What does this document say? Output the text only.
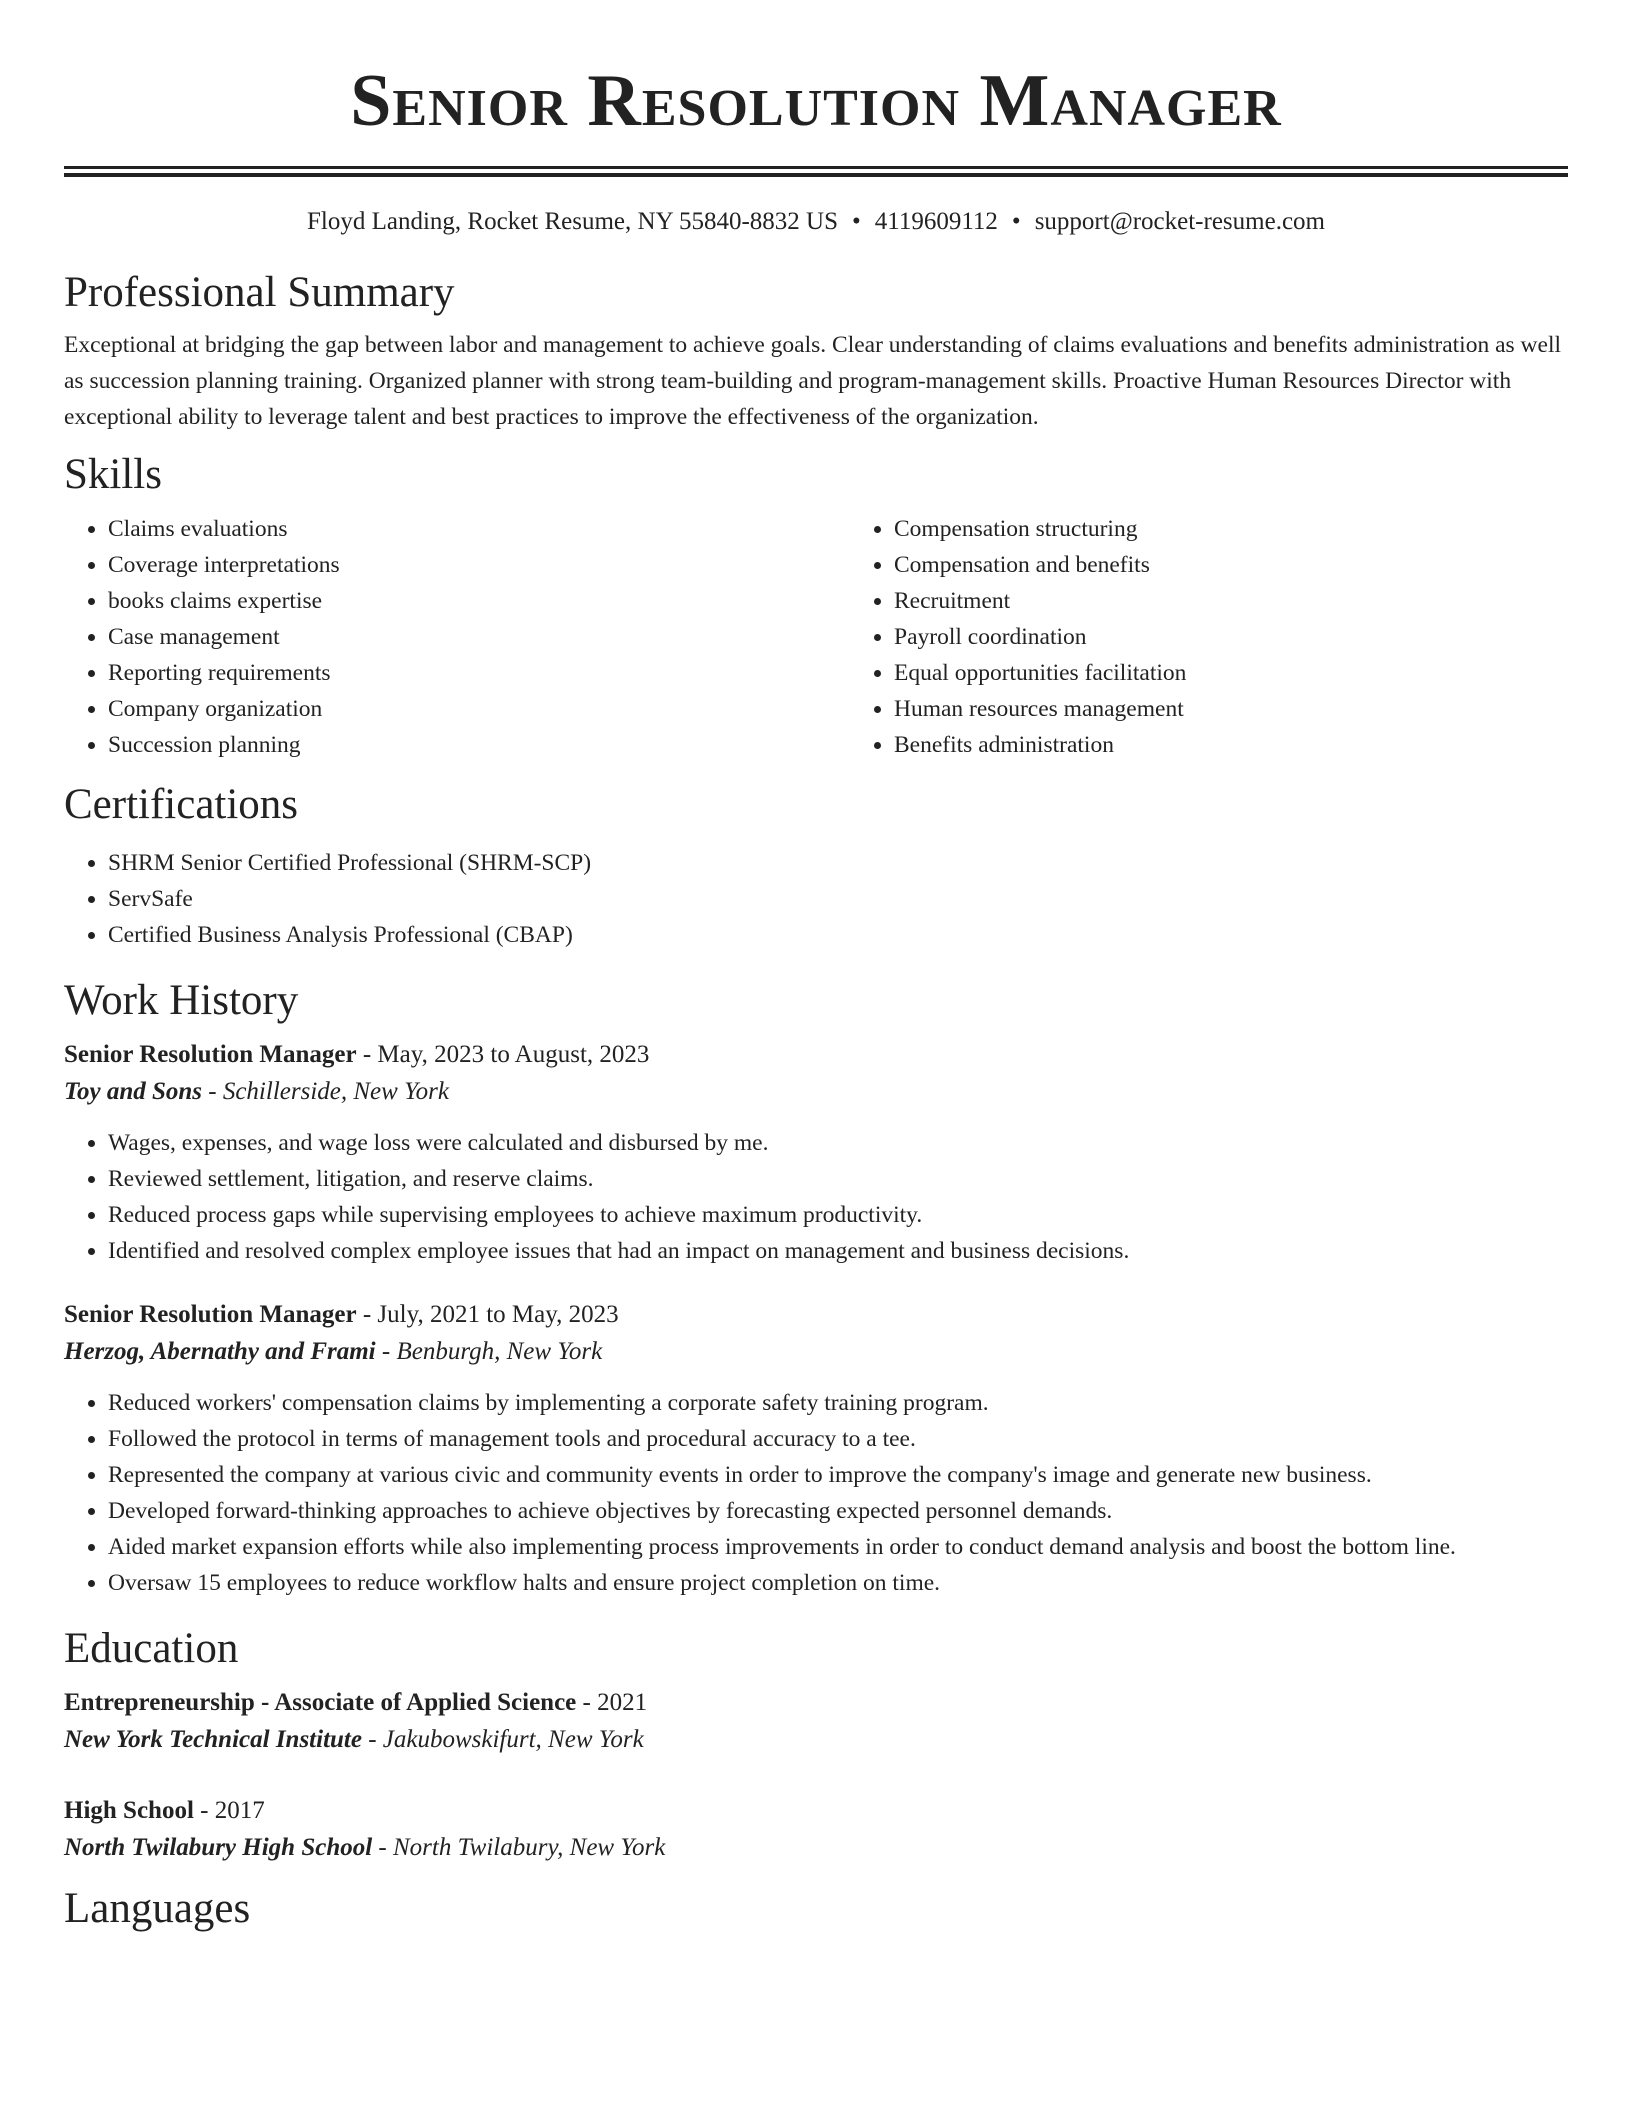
Senior Resolution Manager
Floyd Landing, Rocket Resume, NY 55840-8832 US • 4119609112 • support@rocket-resume.com
Professional Summary

Exceptional at bridging the gap between labor and management to achieve goals. Clear understanding of claims evaluations and benefits administration as well as succession planning training. Organized planner with strong team-building and program-management skills. Proactive Human Resources Director with exceptional ability to leverage talent and best practices to improve the effectiveness of the organization.

Skills
• Claims evaluations
• Coverage interpretations
• books claims expertise
• Case management
• Reporting requirements
• Company organization
• Succession planning
• Compensation structuring
• Compensation and benefits
• Recruitment
• Payroll coordination
• Equal opportunities facilitation
• Human resources management
• Benefits administration
Certifications
• SHRM Senior Certified Professional (SHRM-SCP)
• ServSafe
• Certified Business Analysis Professional (CBAP)
Work History
Senior Resolution Manager - May, 2023 to August, 2023
Toy and Sons - Schillerside, New York
• Wages, expenses, and wage loss were calculated and disbursed by me.
• Reviewed settlement, litigation, and reserve claims.
• Reduced process gaps while supervising employees to achieve maximum productivity.
• Identified and resolved complex employee issues that had an impact on management and business decisions.
Senior Resolution Manager - July, 2021 to May, 2023
Herzog, Abernathy and Frami - Benburgh, New York
• Reduced workers' compensation claims by implementing a corporate safety training program.
• Followed the protocol in terms of management tools and procedural accuracy to a tee.
• Represented the company at various civic and community events in order to improve the company's image and generate new business.
• Developed forward-thinking approaches to achieve objectives by forecasting expected personnel demands.
• Aided market expansion efforts while also implementing process improvements in order to conduct demand analysis and boost the bottom line.
• Oversaw 15 employees to reduce workflow halts and ensure project completion on time.
Education
Entrepreneurship - Associate of Applied Science - 2021
New York Technical Institute - Jakubowskifurt, New York
High School - 2017
North Twilabury High School - North Twilabury, New York
Languages
